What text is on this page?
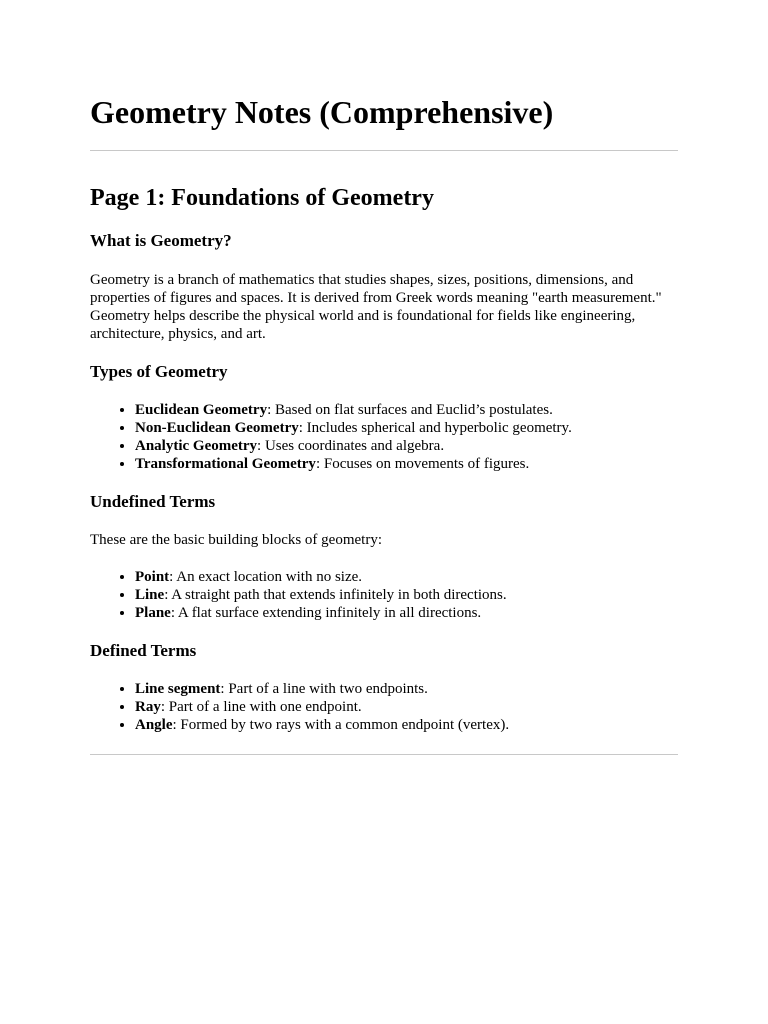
Geometry Notes (Comprehensive)
Page 1: Foundations of Geometry
What is Geometry?

Geometry is a branch of mathematics that studies shapes, sizes, positions, dimensions, and properties of figures and spaces. It is derived from Greek words meaning "earth measurement." Geometry helps describe the physical world and is foundational for fields like engineering, architecture, physics, and art.

Types of Geometry
• Euclidean Geometry: Based on flat surfaces and Euclid’s postulates.
• Non-Euclidean Geometry: Includes spherical and hyperbolic geometry.
• Analytic Geometry: Uses coordinates and algebra.
• Transformational Geometry: Focuses on movements of figures.
Undefined Terms

These are the basic building blocks of geometry:

• Point: An exact location with no size.
• Line: A straight path that extends infinitely in both directions.
• Plane: A flat surface extending infinitely in all directions.
Defined Terms
• Line segment: Part of a line with two endpoints.
• Ray: Part of a line with one endpoint.
• Angle: Formed by two rays with a common endpoint (vertex).
